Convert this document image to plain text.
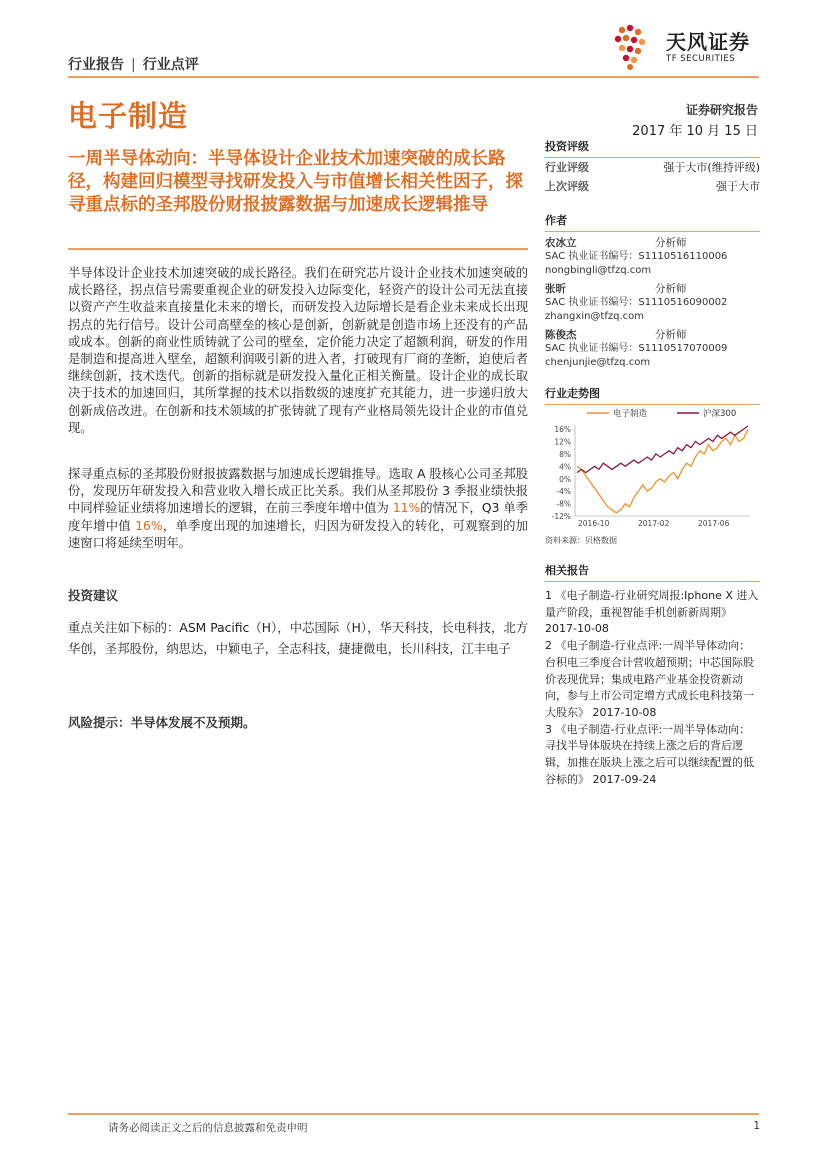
行业报告 | 行业点评
天风证券
TF SECURITIES
电子制造	证券研究报告
2017 年 10 月 15 日
一周半导体动向：半导体设计企业技术加速突破的成长路径，构建回归模型寻找研发投入与市值增长相关性因子，探寻重点标的圣邦股份财报披露数据与加速成长逻辑推导
半导体设计企业技术加速突破的成长路径。我们在研究芯片设计企业技术加速突破的成长路径，拐点信号需要重视企业的研发投入边际变化，轻资产的设计公司无法直接以资产产生收益来直接量化未来的增长，而研发投入边际增长是看企业未来成长出现拐点的先行信号。设计公司高壁垒的核心是创新，创新就是创造市场上还没有的产品或成本。创新的商业性质铸就了公司的壁垒，定价能力决定了超额利润，研发的作用是制造和提高进入壁垒，超额利润吸引新的进入者，打破现有厂商的垄断，迫使后者继续创新，技术迭代。创新的指标就是研发投入量化正相关衡量。设计企业的成长取决于技术的加速回归，其所掌握的技术以指数级的速度扩充其能力，进一步递归放大创新成倍改进。在创新和技术领域的扩张铸就了现有产业格局领先设计企业的市值兑现。
探寻重点标的圣邦股份财报披露数据与加速成长逻辑推导。选取 A 股核心公司圣邦股份，发现历年研发投入和营业收入增长成正比关系。我们从圣邦股份 3 季报业绩快报中同样验证业绩将加速增长的逻辑，在前三季度年增中值为 11%的情况下，Q3 单季度年增中值 16%，单季度出现的加速增长，归因为研发投入的转化，可观察到的加速窗口将延续至明年。
投资建议
重点关注如下标的：ASM Pacific（H），中芯国际（H），华天科技，长电科技，北方华创，圣邦股份，纳思达，中颖电子，全志科技，捷捷微电，长川科技，江丰电子
风险提示：半导体发展不及预期。
投资评级
行业评级	强于大市(维持评级)
上次评级	强于大市
作者
农冰立	分析师
SAC 执业证书编号：S1110516110006
nongbingli@tfzq.com
张昕	分析师
SAC 执业证书编号：S1110516090002
zhangxin@tfzq.com
陈俊杰	分析师
SAC 执业证书编号：S1110517070009
chenjunjie@tfzq.com
行业走势图
电子制造	沪深300
16%
12%
8%
4%
0%
-4%
-8%
-12%
2016-10	2017-02	2017-06
资料来源：贝格数据
相关报告
1 《电子制造-行业研究周报:Iphone X 进入量产阶段，重视智能手机创新新周期》 2017-10-08
2 《电子制造-行业点评:一周半导体动向：台积电三季度合计营收超预期；中芯国际股价表现优异；集成电路产业基金投资新动向，参与上市公司定增方式成长电科技第一大股东》 2017-10-08
3 《电子制造-行业点评:一周半导体动向：寻找半导体版块在持续上涨之后的背后逻辑，加推在版块上涨之后可以继续配置的低谷标的》 2017-09-24
请务必阅读正文之后的信息披露和免责申明	1
